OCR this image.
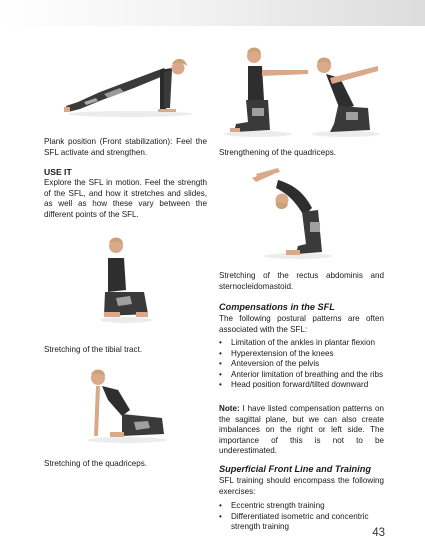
Plank position (Front stabilization): Feel the SFL activate and strengthen.

USE IT

Explore the SFL in motion. Feel the strength of the SFL, and how it stretches and slides, as well as how these vary between the different points of the SFL.

Stretching of the tibial tract.

Stretching of the quadriceps.

Strengthening of the quadriceps.

Stretching of the rectus abdominis and sternocleidomastoid.

Compensations in the SFL

The following postural patterns are often associated with the SFL:

• Limitation of the ankles in plantar flexion
• Hyperextension of the knees
• Anteversion of the pelvis
• Anterior limitation of breathing and the ribs
• Head position forward/tilted downward

Note: I have listed compensation patterns on the sagittal plane, but we can also create imbalances on the right or left side. The importance of this is not to be underestimated.

Superficial Front Line and Training

SFL training should encompass the following exercises:

• Eccentric strength training
• Differentiated isometric and concentric strength training
43
